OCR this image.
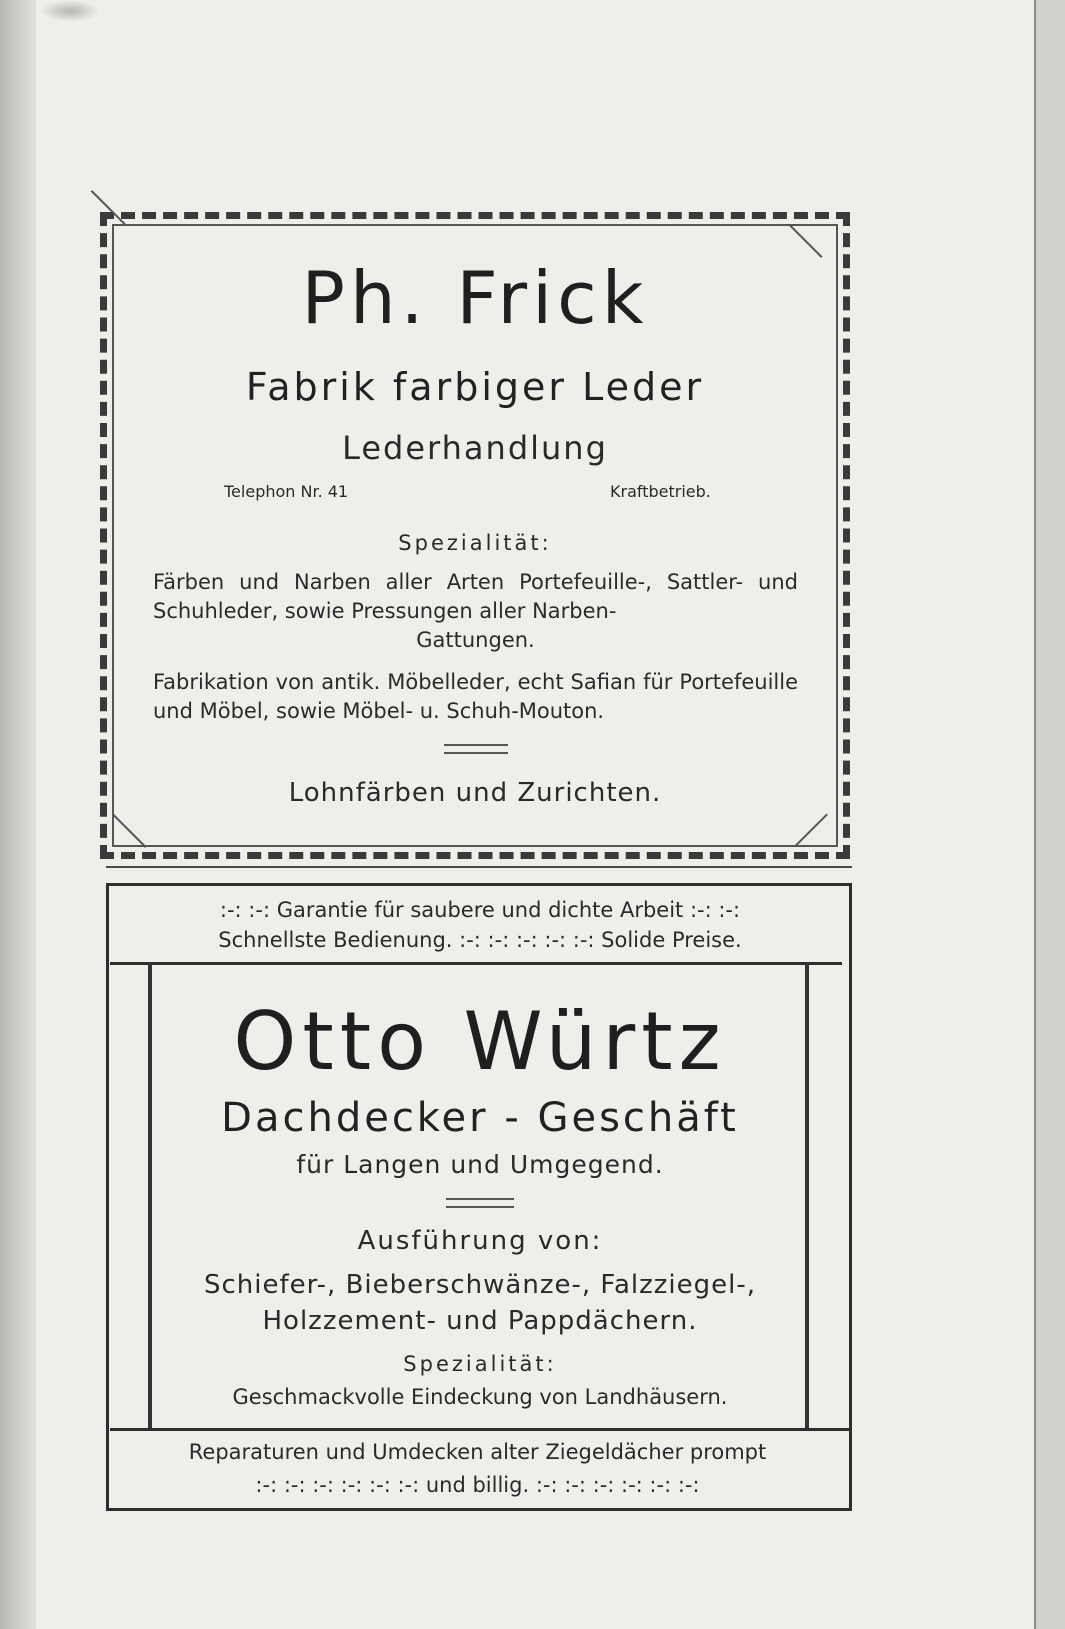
Ph. Frick
Fabrik farbiger Leder
Lederhandlung
Telephon Nr. 41	Kraftbetrieb.
Spezialität:
Färben und Narben aller Arten Portefeuille-, Sattler- und Schuhleder, sowie Pressungen aller Narben-
Gattungen.
Fabrikation von antik. Möbelleder, echt Safian für Portefeuille und Möbel, sowie Möbel- u. Schuh-Mouton.
Lohnfärben und Zurichten.
:-: :-: Garantie für saubere und dichte Arbeit :-: :-:
Schnellste Bedienung. :-: :-: :-: :-: :-: Solide Preise.
Otto Würtz
Dachdecker - Geschäft
für Langen und Umgegend.
Ausführung von:
Schiefer-, Bieberschwänze-, Falzziegel-,
Holzzement- und Pappdächern.
Spezialität:
Geschmackvolle Eindeckung von Landhäusern.
Reparaturen und Umdecken alter Ziegeldächer prompt
:-: :-: :-: :-: :-: :-: und billig. :-: :-: :-: :-: :-: :-:
